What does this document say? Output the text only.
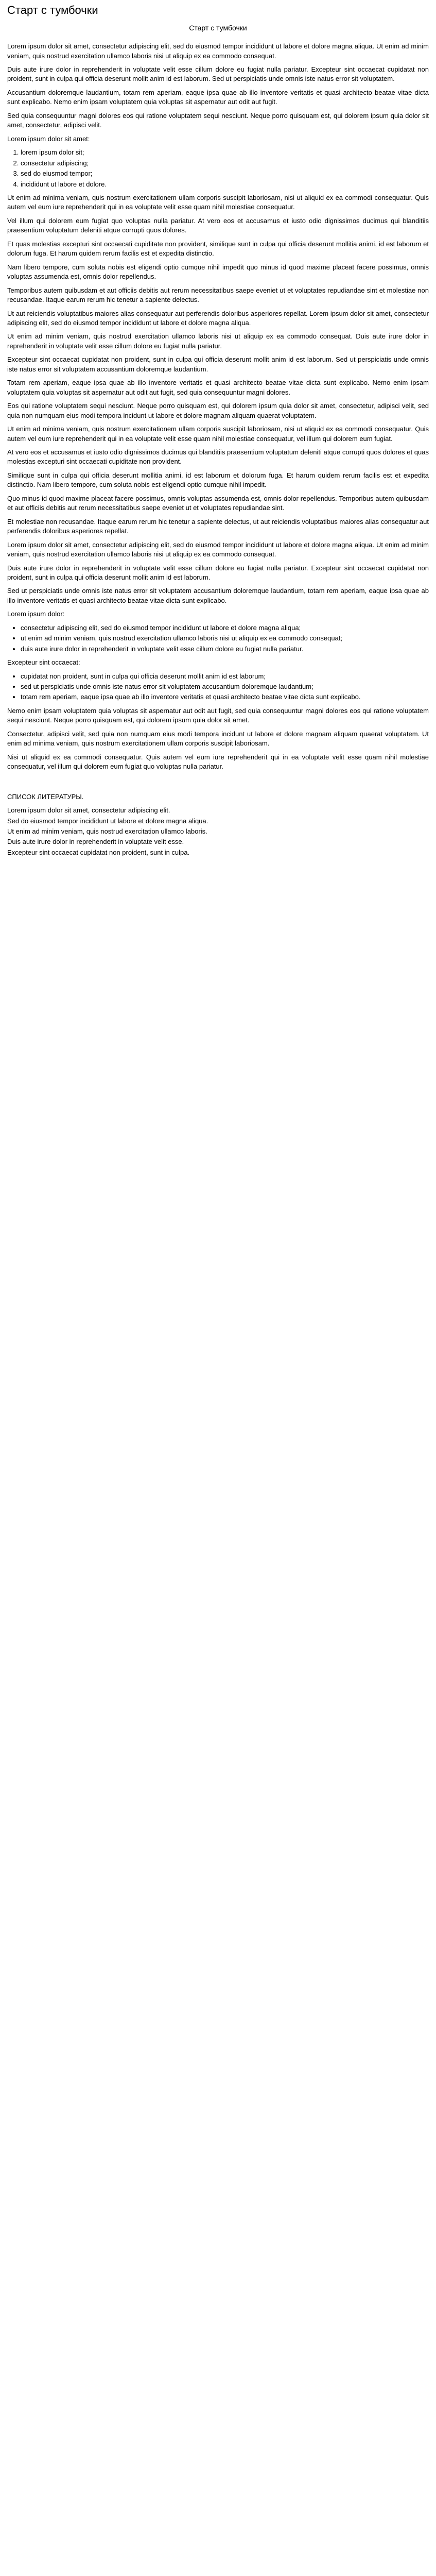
Старт с тумбочки
Старт с тумбочки

Lorem ipsum dolor sit amet, consectetur adipiscing elit, sed do eiusmod tempor incididunt ut labore et dolore magna aliqua. Ut enim ad minim veniam, quis nostrud exercitation ullamco laboris nisi ut aliquip ex ea commodo consequat.

Duis aute irure dolor in reprehenderit in voluptate velit esse cillum dolore eu fugiat nulla pariatur. Excepteur sint occaecat cupidatat non proident, sunt in culpa qui officia deserunt mollit anim id est laborum. Sed ut perspiciatis unde omnis iste natus error sit voluptatem.

Accusantium doloremque laudantium, totam rem aperiam, eaque ipsa quae ab illo inventore veritatis et quasi architecto beatae vitae dicta sunt explicabo. Nemo enim ipsam voluptatem quia voluptas sit aspernatur aut odit aut fugit.

Sed quia consequuntur magni dolores eos qui ratione voluptatem sequi nesciunt. Neque porro quisquam est, qui dolorem ipsum quia dolor sit amet, consectetur, adipisci velit.

Lorem ipsum dolor sit amet:

1. lorem ipsum dolor sit;
2. consectetur adipiscing;
3. sed do eiusmod tempor;
4. incididunt ut labore et dolore.

Ut enim ad minima veniam, quis nostrum exercitationem ullam corporis suscipit laboriosam, nisi ut aliquid ex ea commodi consequatur. Quis autem vel eum iure reprehenderit qui in ea voluptate velit esse quam nihil molestiae consequatur.

Vel illum qui dolorem eum fugiat quo voluptas nulla pariatur. At vero eos et accusamus et iusto odio dignissimos ducimus qui blanditiis praesentium voluptatum deleniti atque corrupti quos dolores.

Et quas molestias excepturi sint occaecati cupiditate non provident, similique sunt in culpa qui officia deserunt mollitia animi, id est laborum et dolorum fuga. Et harum quidem rerum facilis est et expedita distinctio.

Nam libero tempore, cum soluta nobis est eligendi optio cumque nihil impedit quo minus id quod maxime placeat facere possimus, omnis voluptas assumenda est, omnis dolor repellendus.

Temporibus autem quibusdam et aut officiis debitis aut rerum necessitatibus saepe eveniet ut et voluptates repudiandae sint et molestiae non recusandae. Itaque earum rerum hic tenetur a sapiente delectus.

Ut aut reiciendis voluptatibus maiores alias consequatur aut perferendis doloribus asperiores repellat. Lorem ipsum dolor sit amet, consectetur adipiscing elit, sed do eiusmod tempor incididunt ut labore et dolore magna aliqua.

Ut enim ad minim veniam, quis nostrud exercitation ullamco laboris nisi ut aliquip ex ea commodo consequat. Duis aute irure dolor in reprehenderit in voluptate velit esse cillum dolore eu fugiat nulla pariatur.

Excepteur sint occaecat cupidatat non proident, sunt in culpa qui officia deserunt mollit anim id est laborum. Sed ut perspiciatis unde omnis iste natus error sit voluptatem accusantium doloremque laudantium.

Totam rem aperiam, eaque ipsa quae ab illo inventore veritatis et quasi architecto beatae vitae dicta sunt explicabo. Nemo enim ipsam voluptatem quia voluptas sit aspernatur aut odit aut fugit, sed quia consequuntur magni dolores.

Eos qui ratione voluptatem sequi nesciunt. Neque porro quisquam est, qui dolorem ipsum quia dolor sit amet, consectetur, adipisci velit, sed quia non numquam eius modi tempora incidunt ut labore et dolore magnam aliquam quaerat voluptatem.

Ut enim ad minima veniam, quis nostrum exercitationem ullam corporis suscipit laboriosam, nisi ut aliquid ex ea commodi consequatur. Quis autem vel eum iure reprehenderit qui in ea voluptate velit esse quam nihil molestiae consequatur, vel illum qui dolorem eum fugiat.

At vero eos et accusamus et iusto odio dignissimos ducimus qui blanditiis praesentium voluptatum deleniti atque corrupti quos dolores et quas molestias excepturi sint occaecati cupiditate non provident.

Similique sunt in culpa qui officia deserunt mollitia animi, id est laborum et dolorum fuga. Et harum quidem rerum facilis est et expedita distinctio. Nam libero tempore, cum soluta nobis est eligendi optio cumque nihil impedit.

Quo minus id quod maxime placeat facere possimus, omnis voluptas assumenda est, omnis dolor repellendus. Temporibus autem quibusdam et aut officiis debitis aut rerum necessitatibus saepe eveniet ut et voluptates repudiandae sint.

Et molestiae non recusandae. Itaque earum rerum hic tenetur a sapiente delectus, ut aut reiciendis voluptatibus maiores alias consequatur aut perferendis doloribus asperiores repellat.

Lorem ipsum dolor sit amet, consectetur adipiscing elit, sed do eiusmod tempor incididunt ut labore et dolore magna aliqua. Ut enim ad minim veniam, quis nostrud exercitation ullamco laboris nisi ut aliquip ex ea commodo consequat.

Duis aute irure dolor in reprehenderit in voluptate velit esse cillum dolore eu fugiat nulla pariatur. Excepteur sint occaecat cupidatat non proident, sunt in culpa qui officia deserunt mollit anim id est laborum.

Sed ut perspiciatis unde omnis iste natus error sit voluptatem accusantium doloremque laudantium, totam rem aperiam, eaque ipsa quae ab illo inventore veritatis et quasi architecto beatae vitae dicta sunt explicabo.

Lorem ipsum dolor:

• consectetur adipiscing elit, sed do eiusmod tempor incididunt ut labore et dolore magna aliqua;
• ut enim ad minim veniam, quis nostrud exercitation ullamco laboris nisi ut aliquip ex ea commodo consequat;
• duis aute irure dolor in reprehenderit in voluptate velit esse cillum dolore eu fugiat nulla pariatur.

Excepteur sint occaecat:

• cupidatat non proident, sunt in culpa qui officia deserunt mollit anim id est laborum;
• sed ut perspiciatis unde omnis iste natus error sit voluptatem accusantium doloremque laudantium;
• totam rem aperiam, eaque ipsa quae ab illo inventore veritatis et quasi architecto beatae vitae dicta sunt explicabo.

Nemo enim ipsam voluptatem quia voluptas sit aspernatur aut odit aut fugit, sed quia consequuntur magni dolores eos qui ratione voluptatem sequi nesciunt. Neque porro quisquam est, qui dolorem ipsum quia dolor sit amet.

Consectetur, adipisci velit, sed quia non numquam eius modi tempora incidunt ut labore et dolore magnam aliquam quaerat voluptatem. Ut enim ad minima veniam, quis nostrum exercitationem ullam corporis suscipit laboriosam.

Nisi ut aliquid ex ea commodi consequatur. Quis autem vel eum iure reprehenderit qui in ea voluptate velit esse quam nihil molestiae consequatur, vel illum qui dolorem eum fugiat quo voluptas nulla pariatur.

СПИСОК ЛИТЕРАТУРЫ.

Lorem ipsum dolor sit amet, consectetur adipiscing elit.

Sed do eiusmod tempor incididunt ut labore et dolore magna aliqua.

Ut enim ad minim veniam, quis nostrud exercitation ullamco laboris.

Duis aute irure dolor in reprehenderit in voluptate velit esse.

Excepteur sint occaecat cupidatat non proident, sunt in culpa.
